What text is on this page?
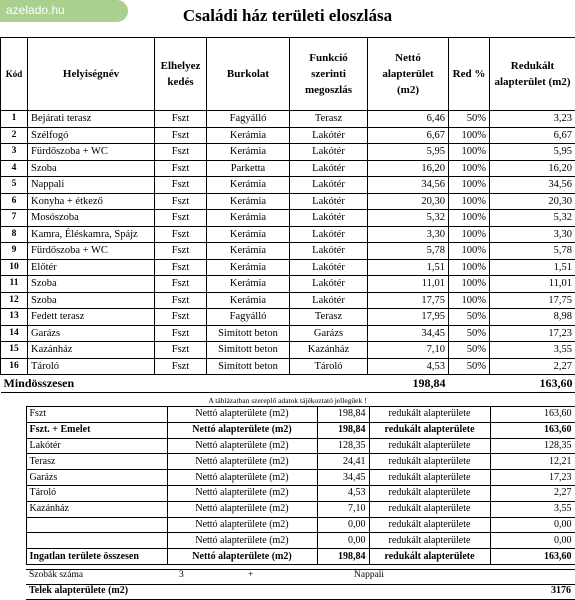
azelado.hu	Családi ház területi eloszlása
Kód	Helyiségnév	Elhelyez kedés	Burkolat	Funkció szerinti megoszlás	Nettó alapterület (m2)	Red %	Redukált alapterület (m2)
1	Bejárati terasz	Fszt	Fagyálló	Terasz	6,46	50%	3,23
2	Szélfogó	Fszt	Kerámia	Lakótér	6,67	100%	6,67
3	Fürdőszoba + WC	Fszt	Kerámia	Lakótér	5,95	100%	5,95
4	Szoba	Fszt	Parketta	Lakótér	16,20	100%	16,20
5	Nappali	Fszt	Kerámia	Lakótér	34,56	100%	34,56
6	Konyha + étkező	Fszt	Kerámia	Lakótér	20,30	100%	20,30
7	Mosószoba	Fszt	Kerámia	Lakótér	5,32	100%	5,32
8	Kamra, Éléskamra, Spájz	Fszt	Kerámia	Lakótér	3,30	100%	3,30
9	Fürdőszoba + WC	Fszt	Kerámia	Lakótér	5,78	100%	5,78
10	Előtér	Fszt	Kerámia	Lakótér	1,51	100%	1,51
11	Szoba	Fszt	Kerámia	Lakótér	11,01	100%	11,01
12	Szoba	Fszt	Kerámia	Lakótér	17,75	100%	17,75
13	Fedett terasz	Fszt	Fagyálló	Terasz	17,95	50%	8,98
14	Garázs	Fszt	Simított beton	Garázs	34,45	50%	17,23
15	Kazánház	Fszt	Simított beton	Kazánház	7,10	50%	3,55
16	Tároló	Fszt	Simított beton	Tároló	4,53	50%	2,27
Mindösszesen					198,84		163,60
A táblázatban szereplő adatok tájékoztató jellegűek !
	Fszt	Nettó alapterülete (m2)	198,84	redukált alapterülete	163,60
	Fszt. + Emelet	Nettó alapterülete (m2)	198,84	redukált alapterülete	163,60
	Lakótér	Nettó alapterülete (m2)	128,35	redukált alapterülete	128,35
	Terasz	Nettó alapterülete (m2)	24,41	redukált alapterülete	12,21
	Garázs	Nettó alapterülete (m2)	34,45	redukált alapterülete	17,23
	Tároló	Nettó alapterülete (m2)	4,53	redukált alapterülete	2,27
	Kazánház	Nettó alapterülete (m2)	7,10	redukált alapterülete	3,55
		Nettó alapterülete (m2)	0,00	redukált alapterülete	0,00
		Nettó alapterülete (m2)	0,00	redukált alapterülete	0,00
	Ingatlan területe összesen	Nettó alapterülete (m2)	198,84	redukált alapterülete	163,60
Szobák száma	3	+	Nappali
Telek alapterülete (m2)	3176
